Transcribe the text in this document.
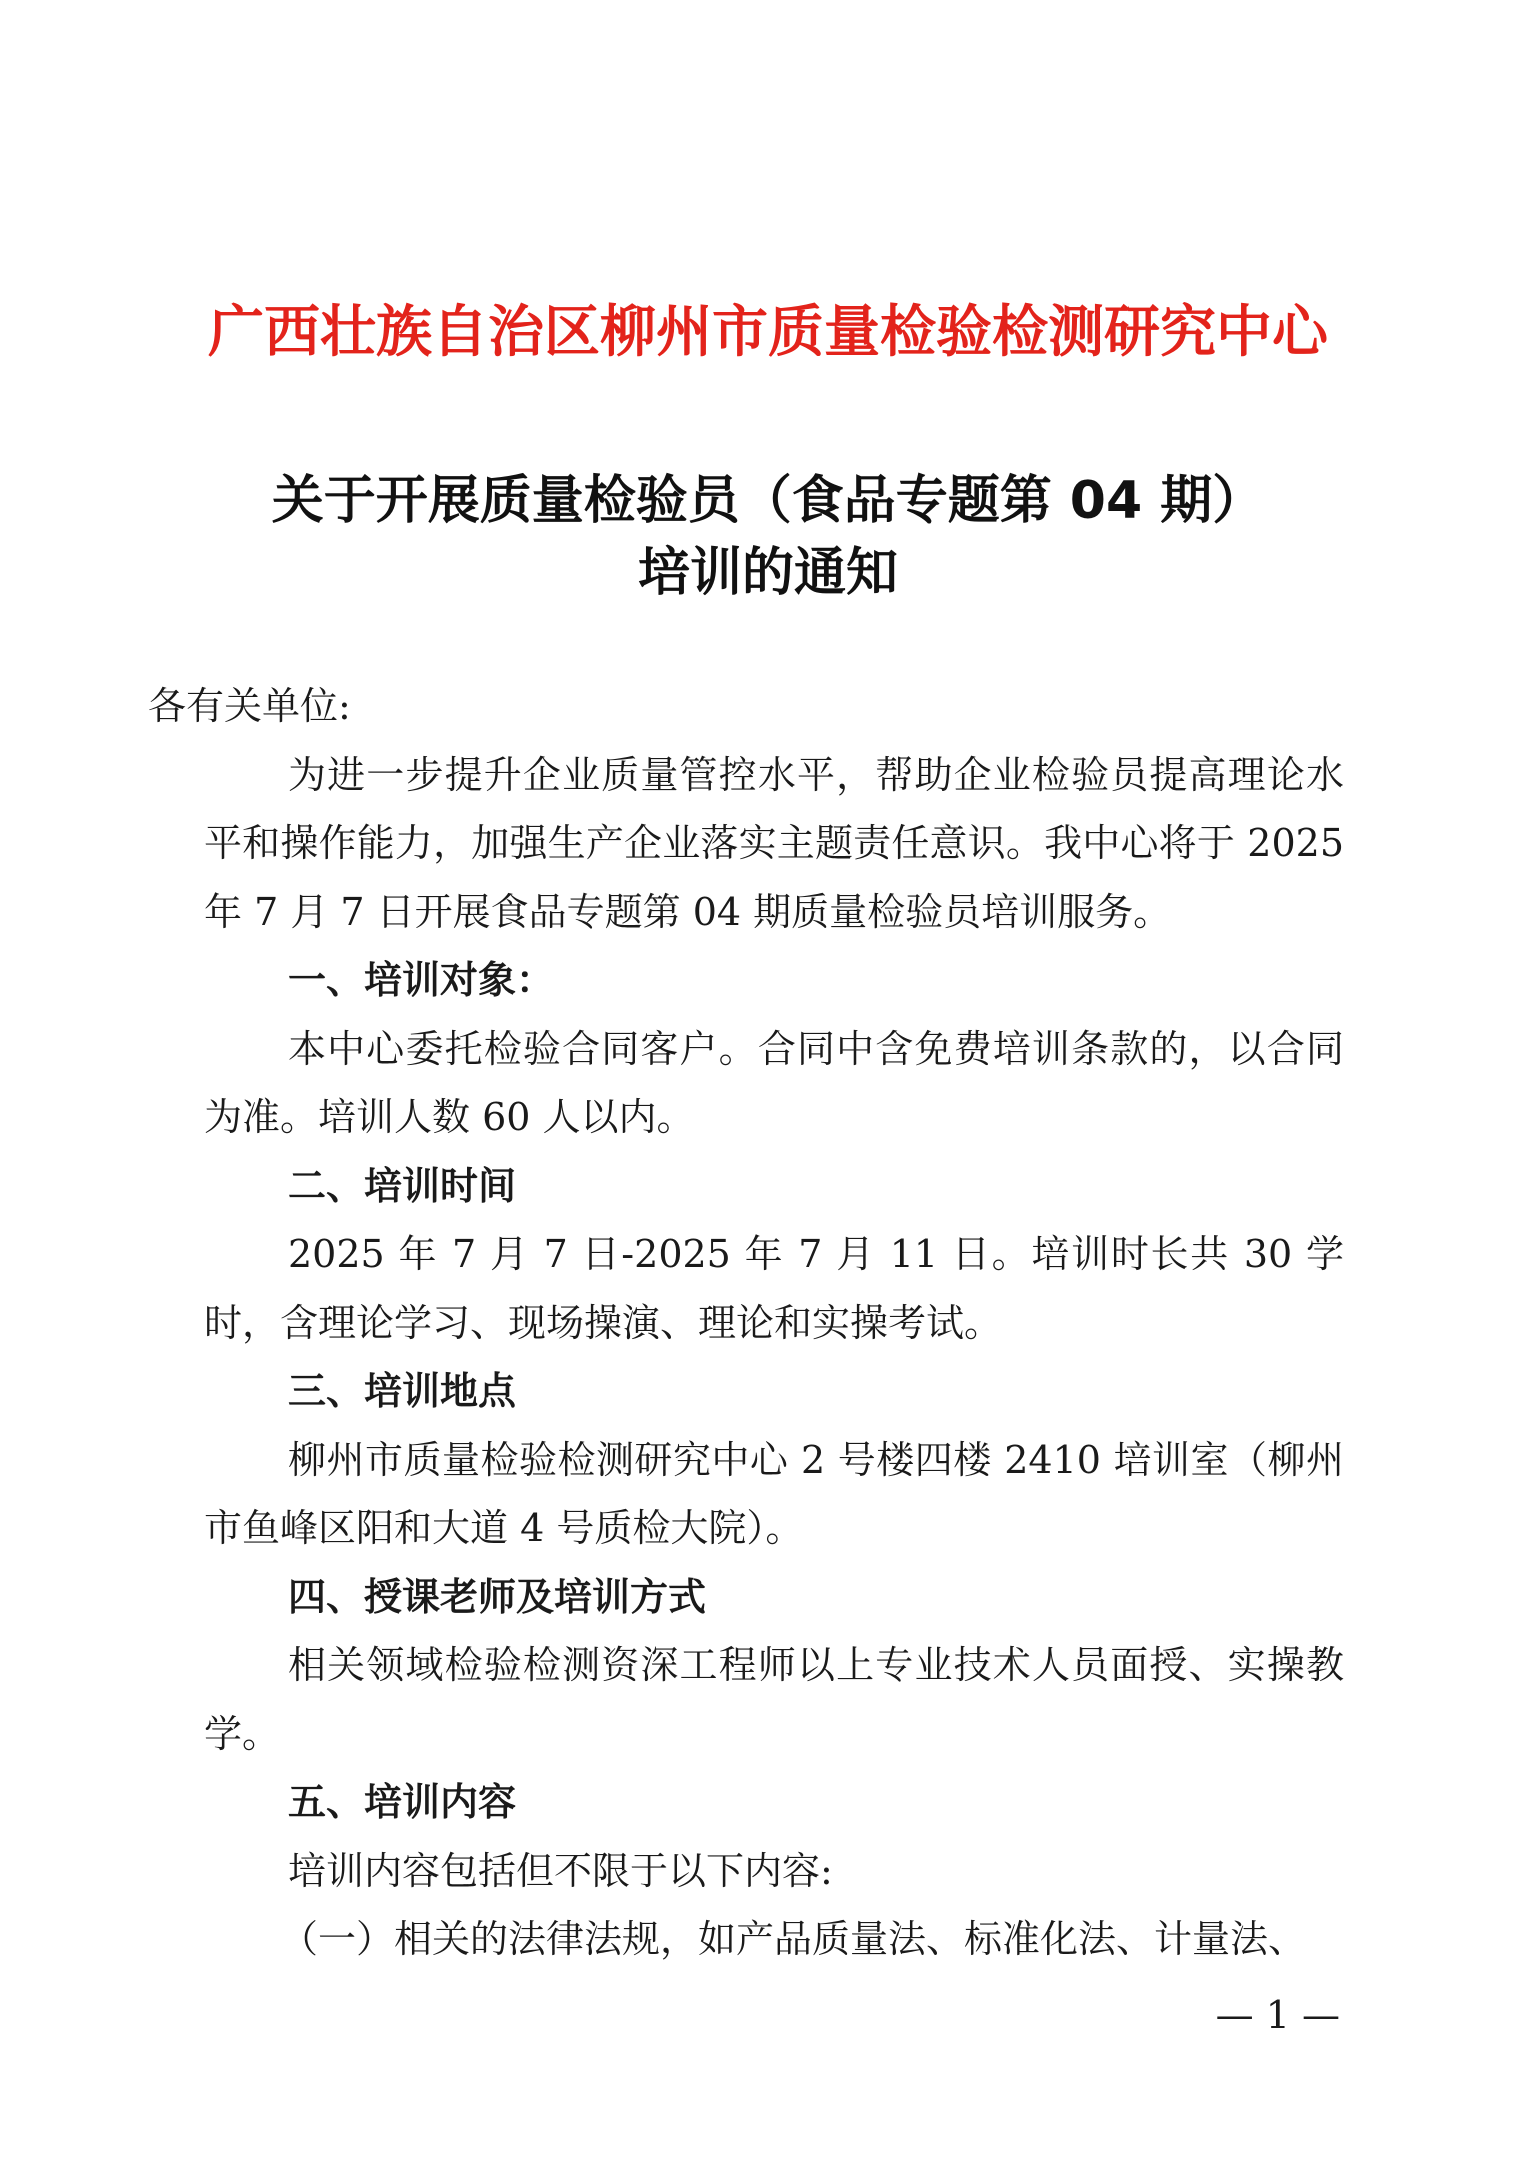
广西壮族自治区柳州市质量检验检测研究中心
关于开展质量检验员（食品专题第 04 期）
培训的通知

各有关单位:

为进一步提升企业质量管控水平，帮助企业检验员提高理论水平和操作能力，加强生产企业落实主题责任意识。我中心将于 2025 年 7 月 7 日开展食品专题第 04 期质量检验员培训服务。

一、培训对象：

本中心委托检验合同客户。合同中含免费培训条款的，以合同为准。培训人数 60 人以内。

二、培训时间

2025 年 7 月 7 日-2025 年 7 月 11 日。培训时长共 30 学时，含理论学习、现场操演、理论和实操考试。

三、培训地点

柳州市质量检验检测研究中心 2 号楼四楼 2410 培训室（柳州市鱼峰区阳和大道 4 号质检大院）。

四、授课老师及培训方式

相关领域检验检测资深工程师以上专业技术人员面授、实操教学。

五、培训内容

培训内容包括但不限于以下内容:

（一）相关的法律法规，如产品质量法、标准化法、计量法、

— 1 —
